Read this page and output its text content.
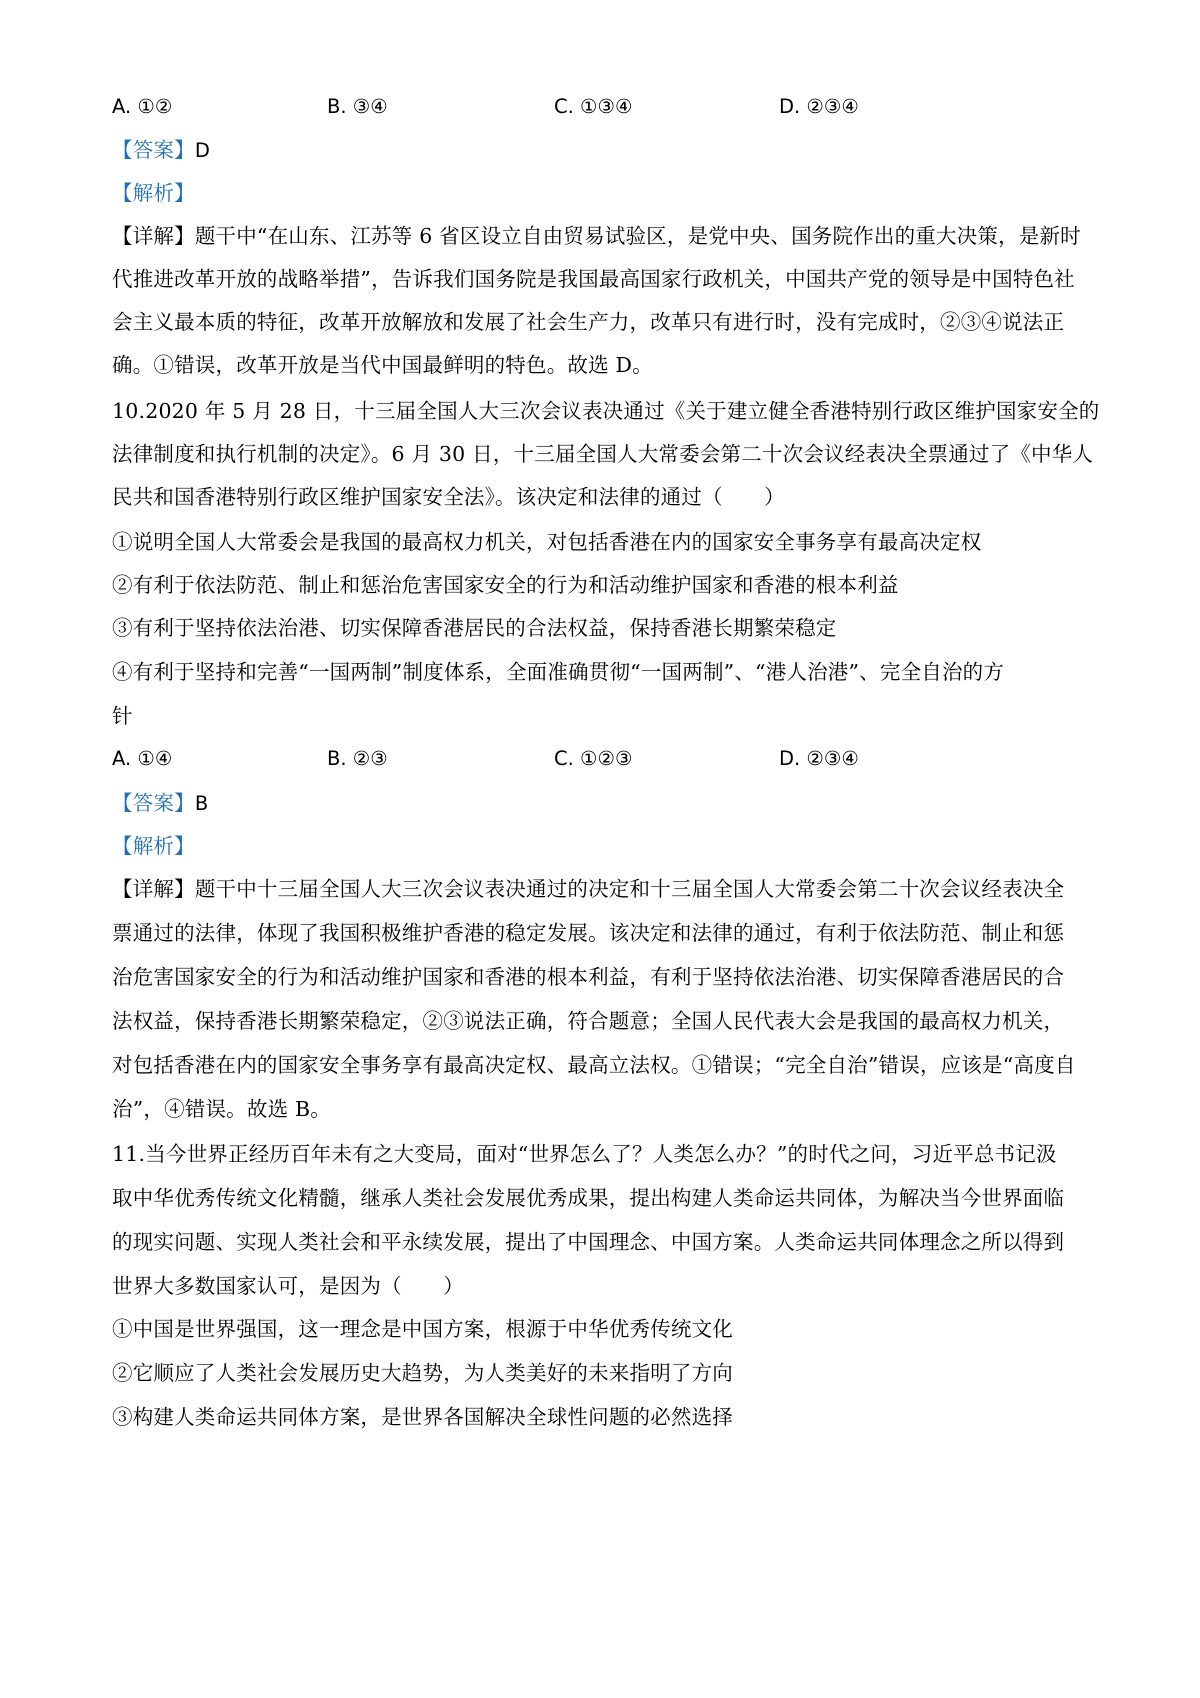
A. ①②	B. ③④	C. ①③④	D. ②③④
【答案】D
【解析】
【详解】题干中“在山东、江苏等 6 省区设立自由贸易试验区，是党中央、国务院作出的重大决策，是新时
代推进改革开放的战略举措”，告诉我们国务院是我国最高国家行政机关，中国共产党的领导是中国特色社
会主义最本质的特征，改革开放解放和发展了社会生产力，改革只有进行时，没有完成时，②③④说法正
确。①错误，改革开放是当代中国最鲜明的特色。故选 D。
10.2020 年 5 月 28 日，十三届全国人大三次会议表决通过《关于建立健全香港特别行政区维护国家安全的
法律制度和执行机制的决定》。6 月 30 日，十三届全国人大常委会第二十次会议经表决全票通过了《中华人
民共和国香港特别行政区维护国家安全法》。该决定和法律的通过（　　）
①说明全国人大常委会是我国的最高权力机关，对包括香港在内的国家安全事务享有最高决定权
②有利于依法防范、制止和惩治危害国家安全的行为和活动维护国家和香港的根本利益
③有利于坚持依法治港、切实保障香港居民的合法权益，保持香港长期繁荣稳定
④有利于坚持和完善“一国两制”制度体系，全面准确贯彻“一国两制”、“港人治港”、完全自治的方
针
A. ①④	B. ②③	C. ①②③	D. ②③④
【答案】B
【解析】
【详解】题干中十三届全国人大三次会议表决通过的决定和十三届全国人大常委会第二十次会议经表决全
票通过的法律，体现了我国积极维护香港的稳定发展。该决定和法律的通过，有利于依法防范、制止和惩
治危害国家安全的行为和活动维护国家和香港的根本利益，有利于坚持依法治港、切实保障香港居民的合
法权益，保持香港长期繁荣稳定，②③说法正确，符合题意；全国人民代表大会是我国的最高权力机关，
对包括香港在内的国家安全事务享有最高决定权、最高立法权。①错误；“完全自治”错误，应该是“高度自
治”，④错误。故选 B。
11.当今世界正经历百年未有之大变局，面对“世界怎么了？人类怎么办？”的时代之问，习近平总书记汲
取中华优秀传统文化精髓，继承人类社会发展优秀成果，提出构建人类命运共同体，为解决当今世界面临
的现实问题、实现人类社会和平永续发展，提出了中国理念、中国方案。人类命运共同体理念之所以得到
世界大多数国家认可，是因为（　　）
①中国是世界强国，这一理念是中国方案，根源于中华优秀传统文化
②它顺应了人类社会发展历史大趋势，为人类美好的未来指明了方向
③构建人类命运共同体方案，是世界各国解决全球性问题的必然选择
